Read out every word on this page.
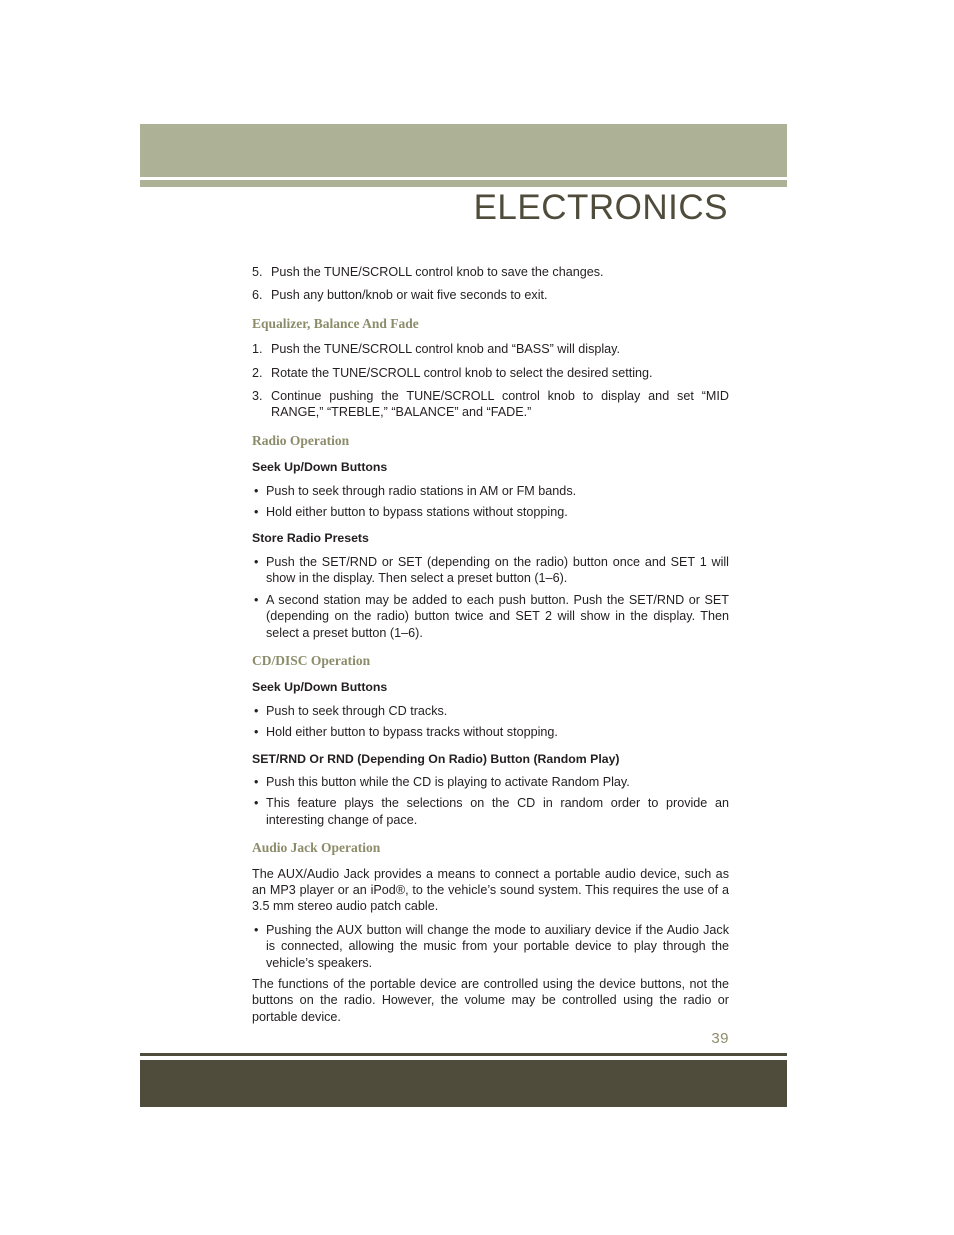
ELECTRONICS
5. Push the TUNE/SCROLL control knob to save the changes.
6. Push any button/knob or wait five seconds to exit.
Equalizer, Balance And Fade
1. Push the TUNE/SCROLL control knob and “BASS” will display.
2. Rotate the TUNE/SCROLL control knob to select the desired setting.
3. Continue pushing the TUNE/SCROLL control knob to display and set “MID RANGE,” “TREBLE,” “BALANCE” and “FADE.”
Radio Operation
Seek Up/Down Buttons
• Push to seek through radio stations in AM or FM bands.
• Hold either button to bypass stations without stopping.
Store Radio Presets
• Push the SET/RND or SET (depending on the radio) button once and SET 1 will show in the display. Then select a preset button (1–6).
• A second station may be added to each push button. Push the SET/RND or SET (depending on the radio) button twice and SET 2 will show in the display. Then select a preset button (1–6).
CD/DISC Operation
Seek Up/Down Buttons
• Push to seek through CD tracks.
• Hold either button to bypass tracks without stopping.
SET/RND Or RND (Depending On Radio) Button (Random Play)
• Push this button while the CD is playing to activate Random Play.
• This feature plays the selections on the CD in random order to provide an interesting change of pace.
Audio Jack Operation
The AUX/Audio Jack provides a means to connect a portable audio device, such as an MP3 player or an iPod®, to the vehicle’s sound system. This requires the use of a 3.5 mm stereo audio patch cable.
• Pushing the AUX button will change the mode to auxiliary device if the Audio Jack is connected, allowing the music from your portable device to play through the vehicle’s speakers.
The functions of the portable device are controlled using the device buttons, not the buttons on the radio. However, the volume may be controlled using the radio or portable device.
39
